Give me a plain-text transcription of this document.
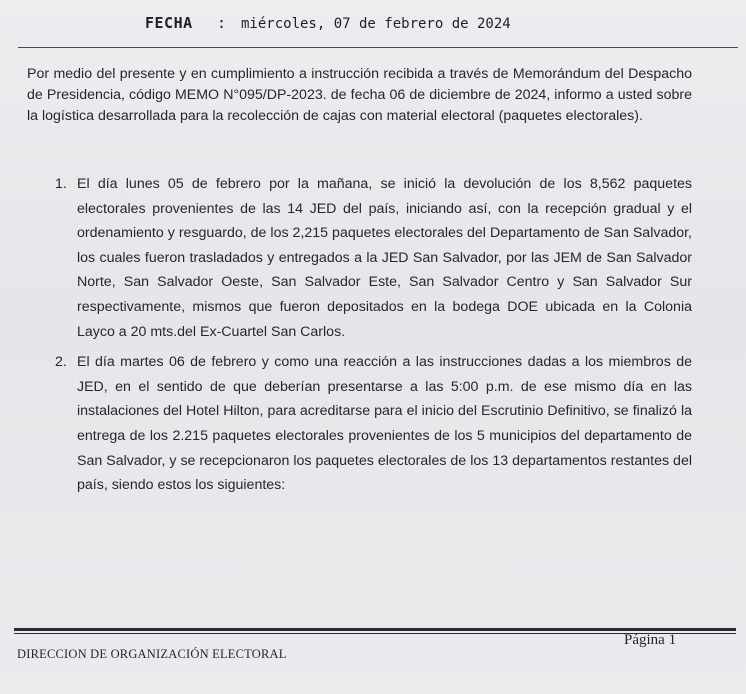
FECHA : miércoles, 07 de febrero de 2024

Por medio del presente y en cumplimiento a instrucción recibida a través de Memorándum del Despacho de Presidencia, código MEMO N°095/DP-2023. de fecha 06 de diciembre de 2024, informo a usted sobre la logística desarrollada para la recolección de cajas con material electoral (paquetes electorales).

1. El día lunes 05 de febrero por la mañana, se inició la devolución de los 8,562 paquetes electorales provenientes de las 14 JED del país, iniciando así, con la recepción gradual y el ordenamiento y resguardo, de los 2,215 paquetes electorales del Departamento de San Salvador, los cuales fueron trasladados y entregados a la JED San Salvador, por las JEM de San Salvador Norte, San Salvador Oeste, San Salvador Este, San Salvador Centro y San Salvador Sur respectivamente, mismos que fueron depositados en la bodega DOE ubicada en la Colonia Layco a 20 mts.del Ex-Cuartel San Carlos.
2. El día martes 06 de febrero y como una reacción a las instrucciones dadas a los miembros de JED, en el sentido de que deberían presentarse a las 5:00 p.m. de ese mismo día en las instalaciones del Hotel Hilton, para acreditarse para el inicio del Escrutinio Definitivo, se finalizó la entrega de los 2.215 paquetes electorales provenientes de los 5 municipios del departamento de San Salvador, y se recepcionaron los paquetes electorales de los 13 departamentos restantes del país, siendo estos los siguientes:
DIRECCION DE ORGANIZACIÓN ELECTORAL
Página 1
